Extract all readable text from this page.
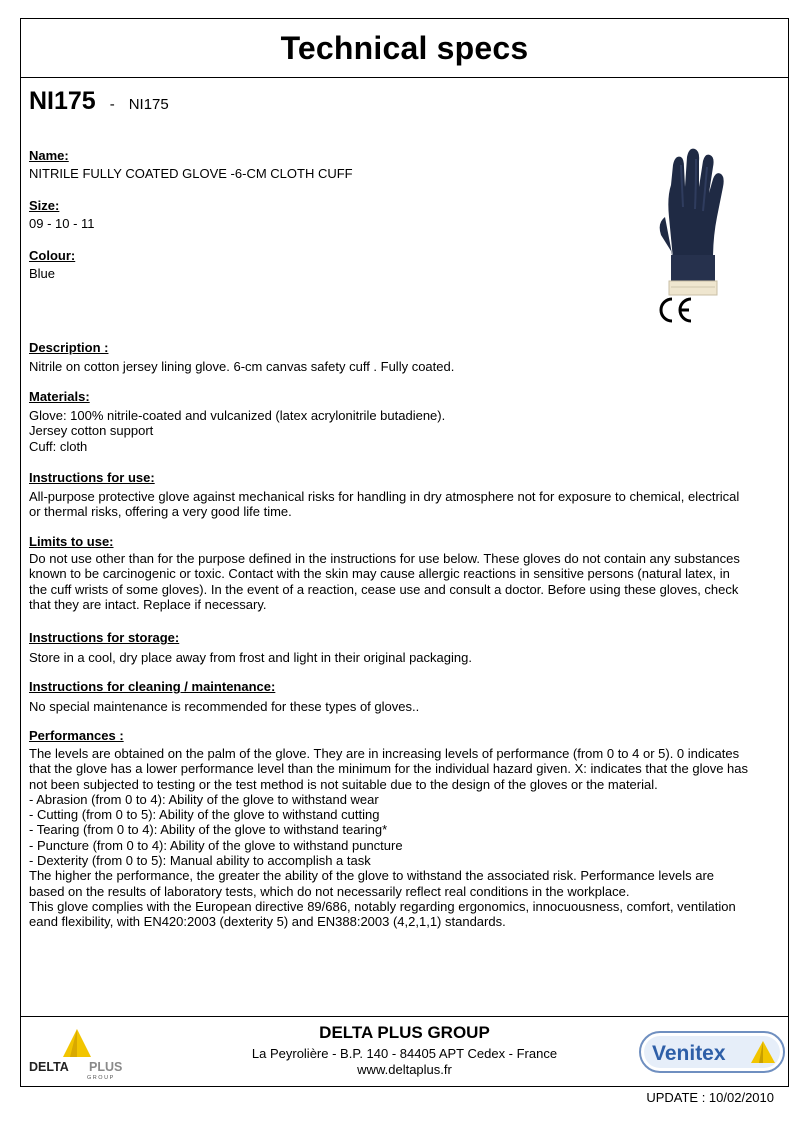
Technical specs
NI175 - NI175
Name:
NITRILE FULLY COATED GLOVE -6-CM CLOTH CUFF
Size:
09 - 10 - 11
Colour:
Blue
Description :
Nitrile on cotton jersey lining glove. 6-cm canvas safety cuff . Fully coated.
Materials:
Glove: 100% nitrile-coated and vulcanized (latex acrylonitrile butadiene).
Jersey cotton support
Cuff: cloth
Instructions for use:
All-purpose protective glove against mechanical risks for handling in dry atmosphere not for exposure to chemical, electrical
or thermal risks, offering a very good life time.
Limits to use:
Do not use other than for the purpose defined in the instructions for use below. These gloves do not contain any substances
known to be carcinogenic or toxic. Contact with the skin may cause allergic reactions in sensitive persons (natural latex, in
the cuff wrists of some gloves). In the event of a reaction, cease use and consult a doctor. Before using these gloves, check
that they are intact. Replace if necessary.
Instructions for storage:
Store in a cool, dry place away from frost and light in their original packaging.
Instructions for cleaning / maintenance:
No special maintenance is recommended for these types of gloves..
Performances :
The levels are obtained on the palm of the glove. They are in increasing levels of performance (from 0 to 4 or 5). 0 indicates
that the glove has a lower performance level than the minimum for the individual hazard given. X: indicates that the glove has
not been subjected to testing or the test method is not suitable due to the design of the gloves or the material.
- Abrasion (from 0 to 4): Ability of the glove to withstand wear
- Cutting (from 0 to 5): Ability of the glove to withstand cutting
- Tearing (from 0 to 4): Ability of the glove to withstand tearing*
- Puncture (from 0 to 4): Ability of the glove to withstand puncture
- Dexterity (from 0 to 5): Manual ability to accomplish a task
The higher the performance, the greater the ability of the glove to withstand the associated risk. Performance levels are
based on the results of laboratory tests, which do not necessarily reflect real conditions in the workplace.
This glove complies with the European directive 89/686, notably regarding ergonomics, innocuousness, comfort, ventilation
eand flexibility, with EN420:2003 (dexterity 5) and EN388:2003 (4,2,1,1) standards.
DELTA PLUS
G R O U P
DELTA PLUS GROUP
La Peyrolière - B.P. 140 - 84405 APT Cedex - France
www.deltaplus.fr
Venitex
UPDATE : 10/02/2010
